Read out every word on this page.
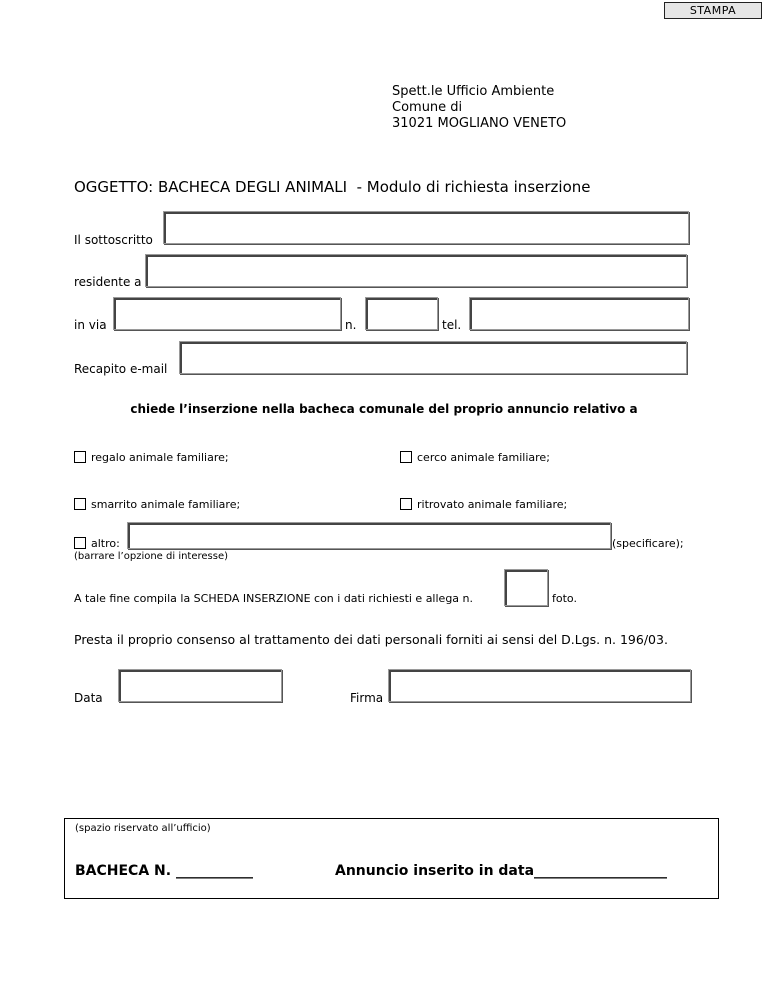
STAMPA
Spett.le Ufficio Ambiente
Comune di
31021 MOGLIANO VENETO
OGGETTO: BACHECA DEGLI ANIMALI  - Modulo di richiesta inserzione
Il sottoscritto
residente a
in via	n.	tel.
Recapito e-mail
chiede l’inserzione nella bacheca comunale del proprio annuncio relativo a
regalo animale familiare;	cerco animale familiare;
smarrito animale familiare;	ritrovato animale familiare;
altro:	(specificare);
(barrare l’opzione di interesse)
A tale fine compila la SCHEDA INSERZIONE con i dati richiesti e allega n.	foto.
Presta il proprio consenso al trattamento dei dati personali forniti ai sensi del D.Lgs. n. 196/03.
Data	Firma
(spazio riservato all’ufficio)
BACHECA N. ___________	Annuncio inserito in data___________________
